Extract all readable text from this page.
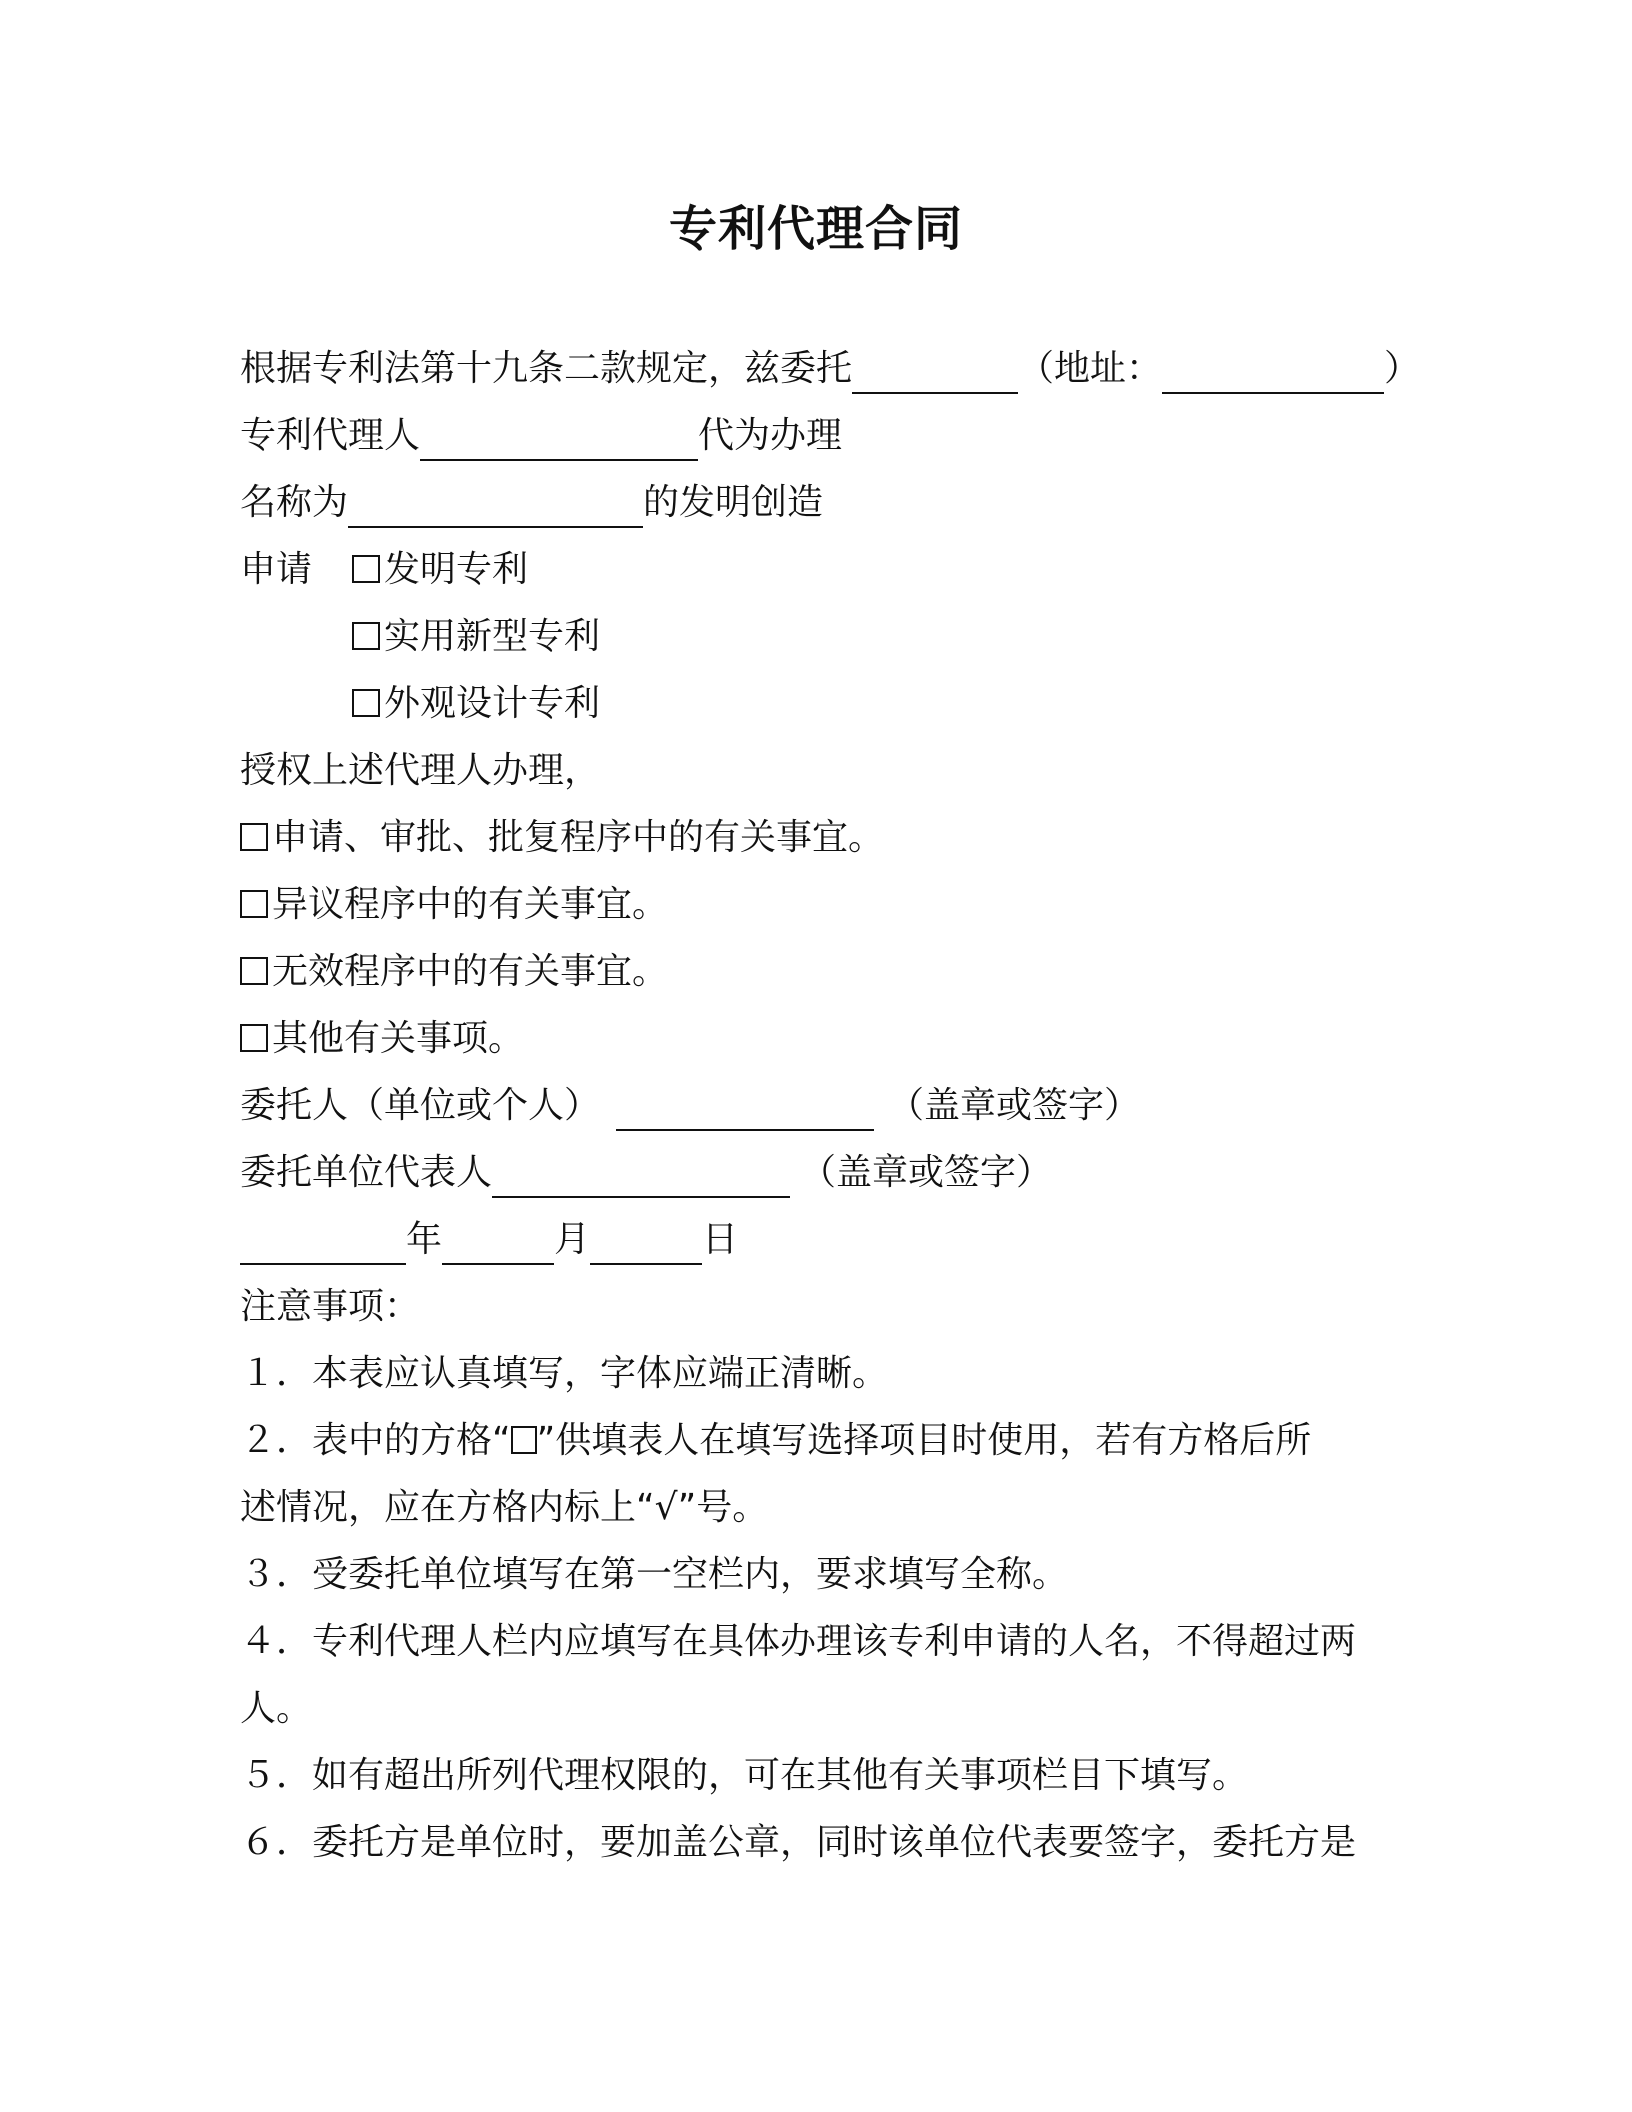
专利代理合同
根据专利法第十九条二款规定，兹委托	（地址：	）
专利代理人	代为办理
名称为	的发明创造
申请	发明专利
实用新型专利
外观设计专利
授权上述代理人办理，
申请、审批、批复程序中的有关事宜。
异议程序中的有关事宜。
无效程序中的有关事宜。
其他有关事项。
委托人（单位或个人）	（盖章或签字）
委托单位代表人	（盖章或签字）
年	月	日
注意事项：
１．本表应认真填写，字体应端正清晰。
２．表中的方格“ ”供填表人在填写选择项目时使用，若有方格后所
述情况，应在方格内标上“√”号。
３．受委托单位填写在第一空栏内，要求填写全称。
４．专利代理人栏内应填写在具体办理该专利申请的人名，不得超过两
人。
５．如有超出所列代理权限的，可在其他有关事项栏目下填写。
６．委托方是单位时，要加盖公章，同时该单位代表要签字，委托方是
